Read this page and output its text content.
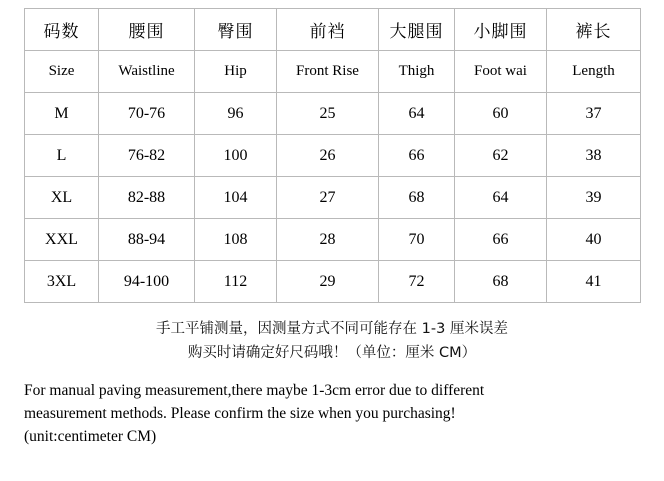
码数	腰围	臀围	前裆	大腿围	小脚围	裤长
Size	Waistline	Hip	Front Rise	Thigh	Foot wai	Length
M	70-76	96	25	64	60	37
L	76-82	100	26	66	62	38
XL	82-88	104	27	68	64	39
XXL	88-94	108	28	70	66	40
3XL	94-100	112	29	72	68	41
手工平铺测量，因测量方式不同可能存在 1-3 厘米误差
购买时请确定好尺码哦！（单位：厘米 CM）
For manual paving measurement,there maybe 1-3cm error due to different
measurement methods. Please confirm the size when you purchasing!
(unit:centimeter CM)
